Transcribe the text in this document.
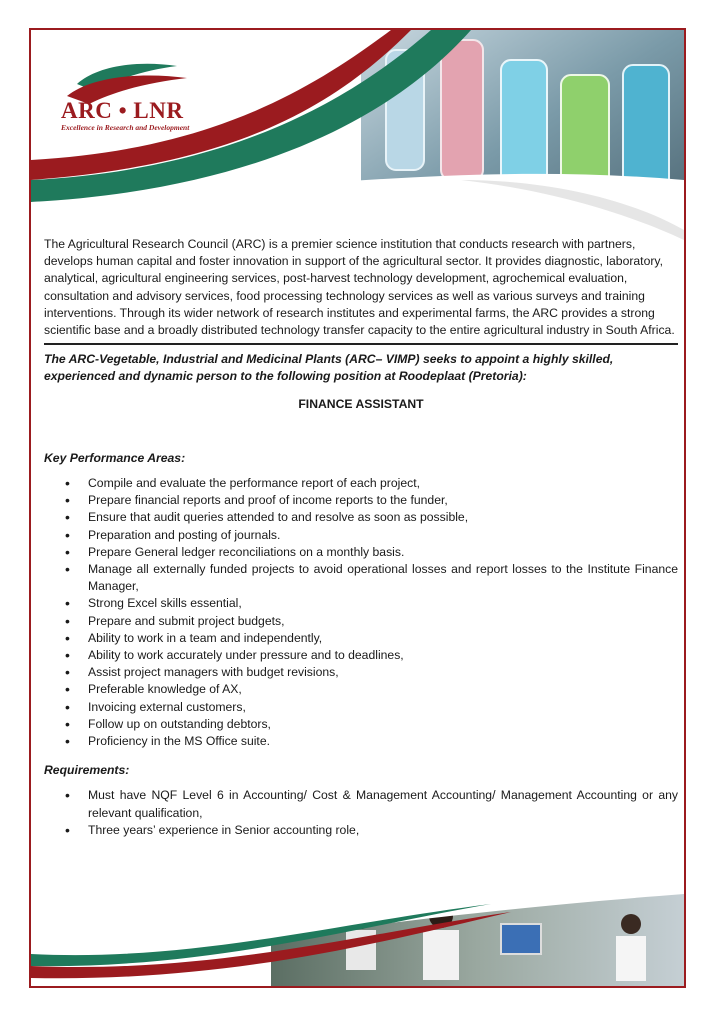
ARC • LNR
Excellence in Research and Development

The Agricultural Research Council (ARC) is a premier science institution that conducts research with partners, develops human capital and foster innovation in support of the agricultural sector. It provides diagnostic, laboratory, analytical, agricultural engineering services, post-harvest technology development, agrochemical evaluation, consultation and advisory services, food processing technology services as well as various surveys and training interventions. Through its wider network of research institutes and experimental farms, the ARC provides a strong scientific base and a broadly distributed technology transfer capacity to the entire agricultural industry in South Africa.

The ARC-Vegetable, Industrial and Medicinal Plants (ARC– VIMP) seeks to appoint a highly skilled, experienced and dynamic person to the following position at Roodeplaat (Pretoria):

FINANCE ASSISTANT

Key Performance Areas:

• Compile and evaluate the performance report of each project,
• Prepare financial reports and proof of income reports to the funder,
• Ensure that audit queries attended to and resolve as soon as possible,
• Preparation and posting of journals.
• Prepare General ledger reconciliations on a monthly basis.
• Manage all externally funded projects to avoid operational losses and report losses to the Institute Finance Manager,
• Strong Excel skills essential,
• Prepare and submit project budgets,
• Ability to work in a team and independently,
• Ability to work accurately under pressure and to deadlines,
• Assist project managers with budget revisions,
• Preferable knowledge of AX,
• Invoicing external customers,
• Follow up on outstanding debtors,
• Proficiency in the MS Office suite.

Requirements:

• Must have NQF Level 6 in Accounting/ Cost & Management Accounting/ Management Accounting or any relevant qualification,
• Three years’ experience in Senior accounting role,
